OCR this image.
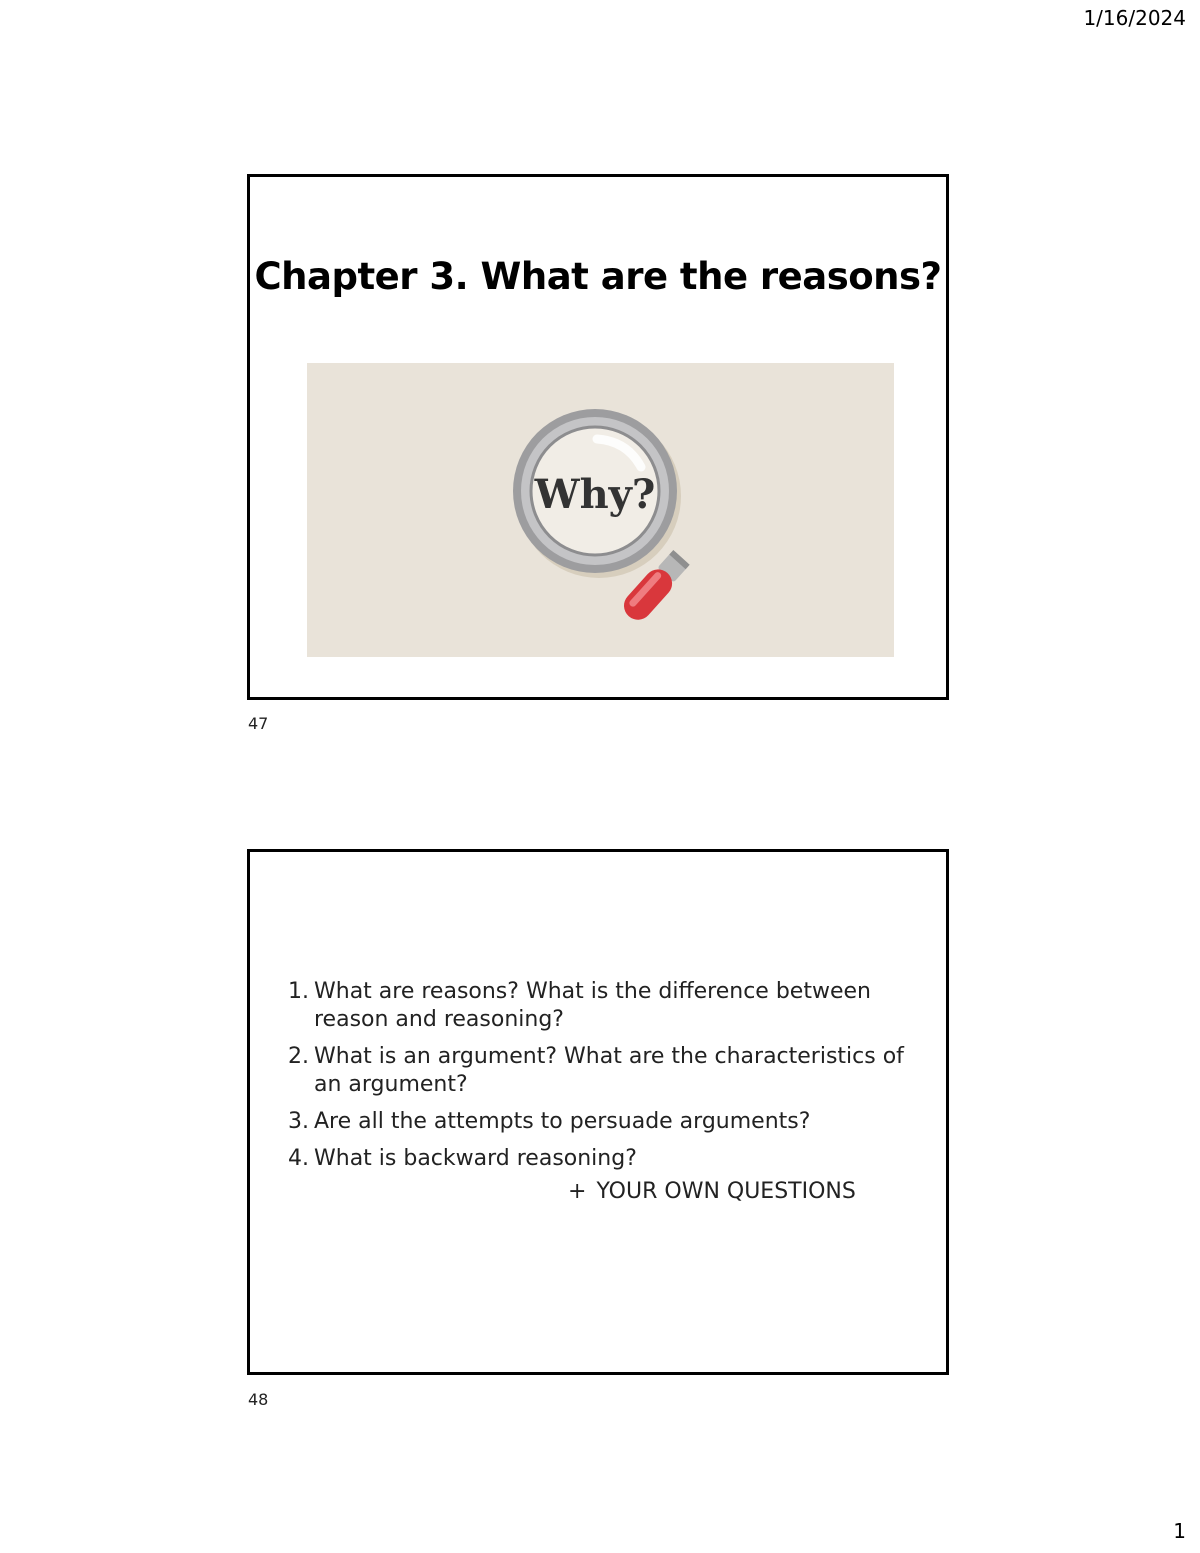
1/16/2024
Chapter 3. What are the reasons?
Why?
47
1. What are reasons? What is the difference between reason and reasoning?
2. What is an argument? What are the characteristics of an argument?
3. Are all the attempts to persuade arguments?
4. What is backward reasoning?
+ YOUR OWN QUESTIONS
48
1
